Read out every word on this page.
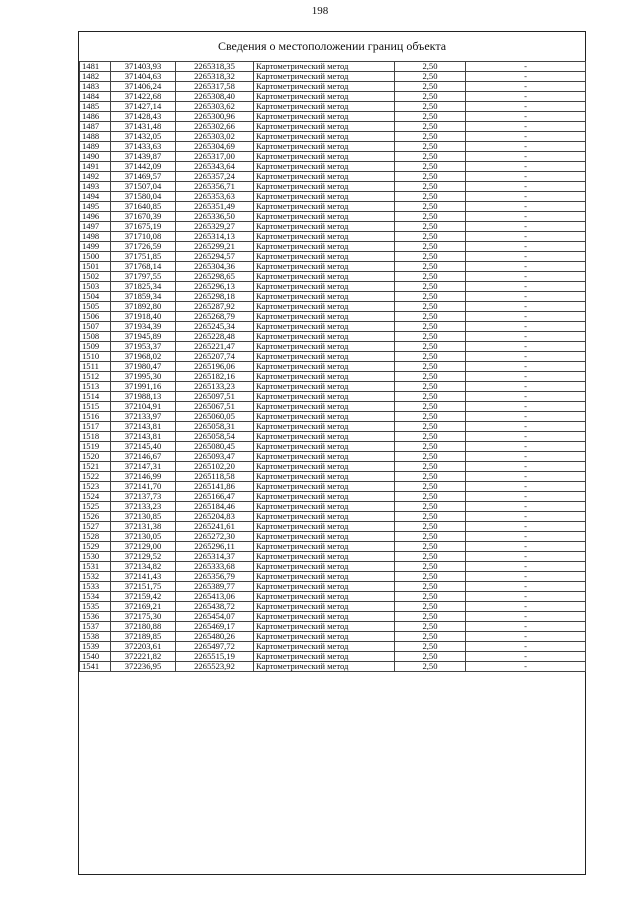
198
Сведения о местоположении границ объекта
1481	371403,93	2265318,35	Картометрический метод	2,50	-
1482	371404,63	2265318,32	Картометрический метод	2,50	-
1483	371406,24	2265317,58	Картометрический метод	2,50	-
1484	371422,68	2265308,40	Картометрический метод	2,50	-
1485	371427,14	2265303,62	Картометрический метод	2,50	-
1486	371428,43	2265300,96	Картометрический метод	2,50	-
1487	371431,48	2265302,66	Картометрический метод	2,50	-
1488	371432,05	2265303,02	Картометрический метод	2,50	-
1489	371433,63	2265304,69	Картометрический метод	2,50	-
1490	371439,87	2265317,00	Картометрический метод	2,50	-
1491	371442,09	2265343,64	Картометрический метод	2,50	-
1492	371469,57	2265357,24	Картометрический метод	2,50	-
1493	371507,04	2265356,71	Картометрический метод	2,50	-
1494	371580,04	2265353,63	Картометрический метод	2,50	-
1495	371640,85	2265351,49	Картометрический метод	2,50	-
1496	371670,39	2265336,50	Картометрический метод	2,50	-
1497	371675,19	2265329,27	Картометрический метод	2,50	-
1498	371710,08	2265314,13	Картометрический метод	2,50	-
1499	371726,59	2265299,21	Картометрический метод	2,50	-
1500	371751,85	2265294,57	Картометрический метод	2,50	-
1501	371768,14	2265304,36	Картометрический метод	2,50	-
1502	371797,55	2265298,65	Картометрический метод	2,50	-
1503	371825,34	2265296,13	Картометрический метод	2,50	-
1504	371859,34	2265298,18	Картометрический метод	2,50	-
1505	371892,80	2265287,92	Картометрический метод	2,50	-
1506	371918,40	2265268,79	Картометрический метод	2,50	-
1507	371934,39	2265245,34	Картометрический метод	2,50	-
1508	371945,89	2265228,48	Картометрический метод	2,50	-
1509	371953,37	2265221,47	Картометрический метод	2,50	-
1510	371968,02	2265207,74	Картометрический метод	2,50	-
1511	371980,47	2265196,06	Картометрический метод	2,50	-
1512	371995,30	2265182,16	Картометрический метод	2,50	-
1513	371991,16	2265133,23	Картометрический метод	2,50	-
1514	371988,13	2265097,51	Картометрический метод	2,50	-
1515	372104,91	2265067,51	Картометрический метод	2,50	-
1516	372133,97	2265060,05	Картометрический метод	2,50	-
1517	372143,81	2265058,31	Картометрический метод	2,50	-
1518	372143,81	2265058,54	Картометрический метод	2,50	-
1519	372145,40	2265080,45	Картометрический метод	2,50	-
1520	372146,67	2265093,47	Картометрический метод	2,50	-
1521	372147,31	2265102,20	Картометрический метод	2,50	-
1522	372146,99	2265118,58	Картометрический метод	2,50	-
1523	372141,70	2265141,86	Картометрический метод	2,50	-
1524	372137,73	2265166,47	Картометрический метод	2,50	-
1525	372133,23	2265184,46	Картометрический метод	2,50	-
1526	372130,85	2265204,83	Картометрический метод	2,50	-
1527	372131,38	2265241,61	Картометрический метод	2,50	-
1528	372130,05	2265272,30	Картометрический метод	2,50	-
1529	372129,00	2265296,11	Картометрический метод	2,50	-
1530	372129,52	2265314,37	Картометрический метод	2,50	-
1531	372134,82	2265333,68	Картометрический метод	2,50	-
1532	372141,43	2265356,79	Картометрический метод	2,50	-
1533	372151,75	2265389,77	Картометрический метод	2,50	-
1534	372159,42	2265413,06	Картометрический метод	2,50	-
1535	372169,21	2265438,72	Картометрический метод	2,50	-
1536	372175,30	2265454,07	Картометрический метод	2,50	-
1537	372180,88	2265469,17	Картометрический метод	2,50	-
1538	372189,85	2265480,26	Картометрический метод	2,50	-
1539	372203,61	2265497,72	Картометрический метод	2,50	-
1540	372221,82	2265515,19	Картометрический метод	2,50	-
1541	372236,95	2265523,92	Картометрический метод	2,50	-
